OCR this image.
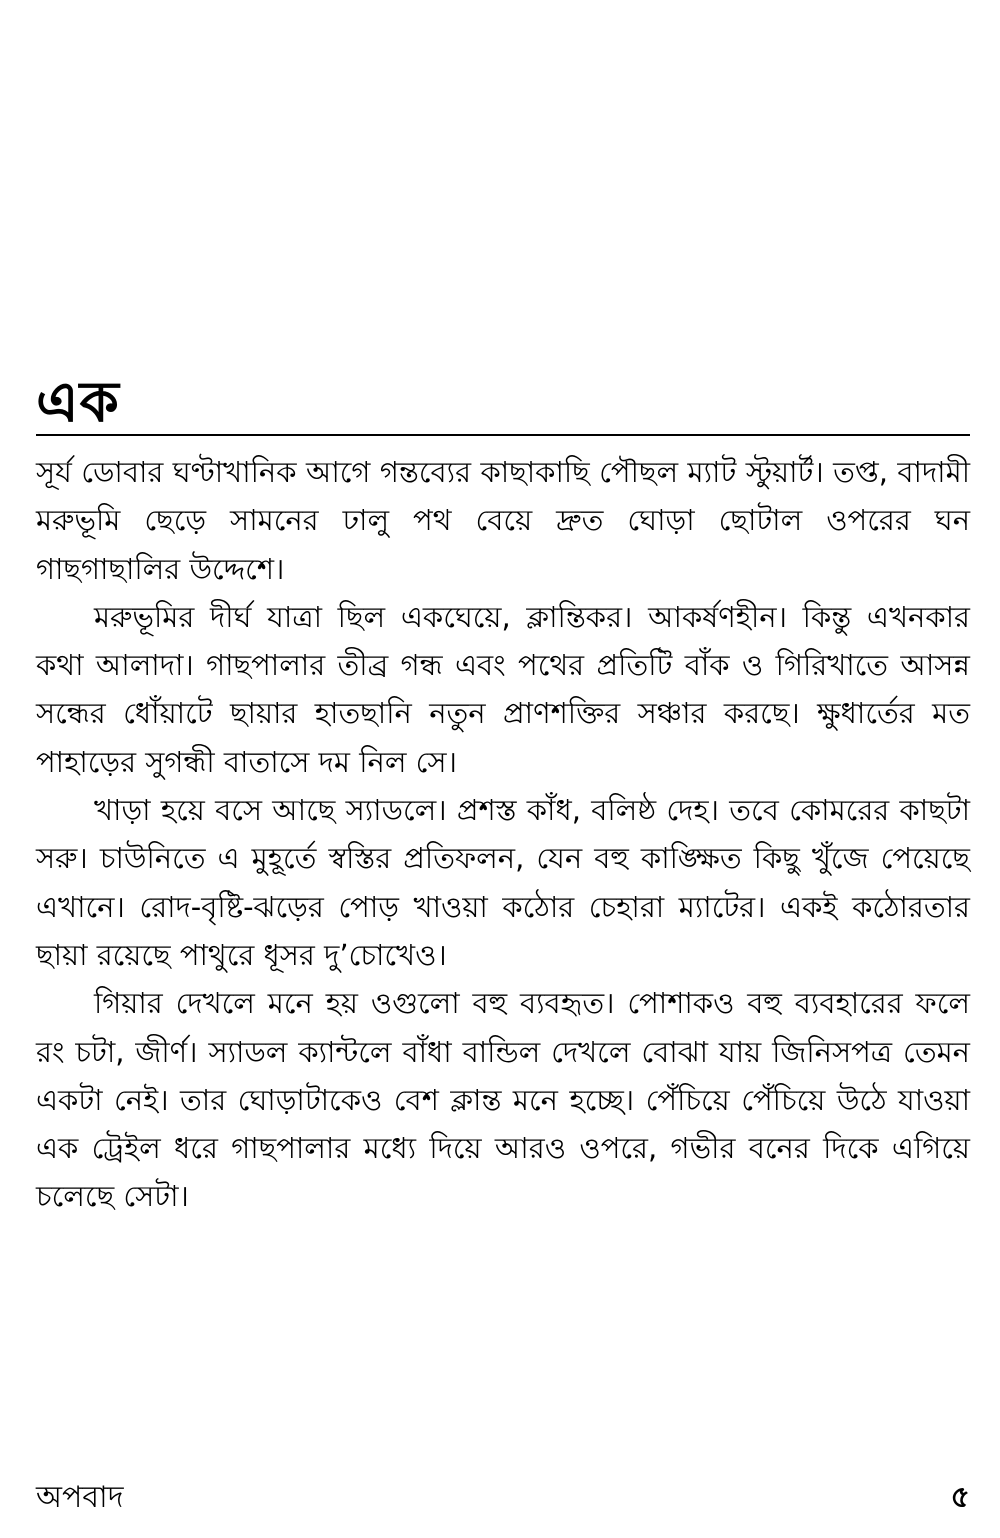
এক

সূর্য ডোবার ঘণ্টাখানিক আগে গন্তব্যের কাছাকাছি পৌছল ম্যাট স্টুয়ার্ট। তপ্ত, বাদামী মরুভূমি ছেড়ে সামনের ঢালু পথ বেয়ে দ্রুত ঘোড়া ছোটাল ওপরের ঘন গাছগাছালির উদ্দেশে।

মরুভূমির দীর্ঘ যাত্রা ছিল একঘেয়ে, ক্লান্তিকর। আকর্ষণহীন। কিন্তু এখনকার কথা আলাদা। গাছপালার তীব্র গন্ধ এবং পথের প্রতিটি বাঁক ও গিরিখাতে আসন্ন সন্ধের ধোঁয়াটে ছায়ার হাতছানি নতুন প্রাণশক্তির সঞ্চার করছে। ক্ষুধার্তের মত পাহাড়ের সুগন্ধী বাতাসে দম নিল সে।

খাড়া হয়ে বসে আছে স্যাডলে। প্রশস্ত কাঁধ, বলিষ্ঠ দেহ। তবে কোমরের কাছটা সরু। চাউনিতে এ মুহূর্তে স্বস্তির প্রতিফলন, যেন বহু কাঙ্ক্ষিত কিছু খুঁজে পেয়েছে এখানে। রোদ-বৃষ্টি-ঝড়ের পোড় খাওয়া কঠোর চেহারা ম্যাটের। একই কঠোরতার ছায়া রয়েছে পাথুরে ধূসর দু’চোখেও।

গিয়ার দেখলে মনে হয় ওগুলো বহু ব্যবহৃত। পোশাকও বহু ব্যবহারের ফলে রং চটা, জীর্ণ। স্যাডল ক্যান্টলে বাঁধা বান্ডিল দেখলে বোঝা যায় জিনিসপত্র তেমন একটা নেই। তার ঘোড়াটাকেও বেশ ক্লান্ত মনে হচ্ছে। পেঁচিয়ে পেঁচিয়ে উঠে যাওয়া এক ট্রেইল ধরে গাছপালার মধ্যে দিয়ে আরও ওপরে, গভীর বনের দিকে এগিয়ে চলেছে সেটা।

অপবাদ	৫
